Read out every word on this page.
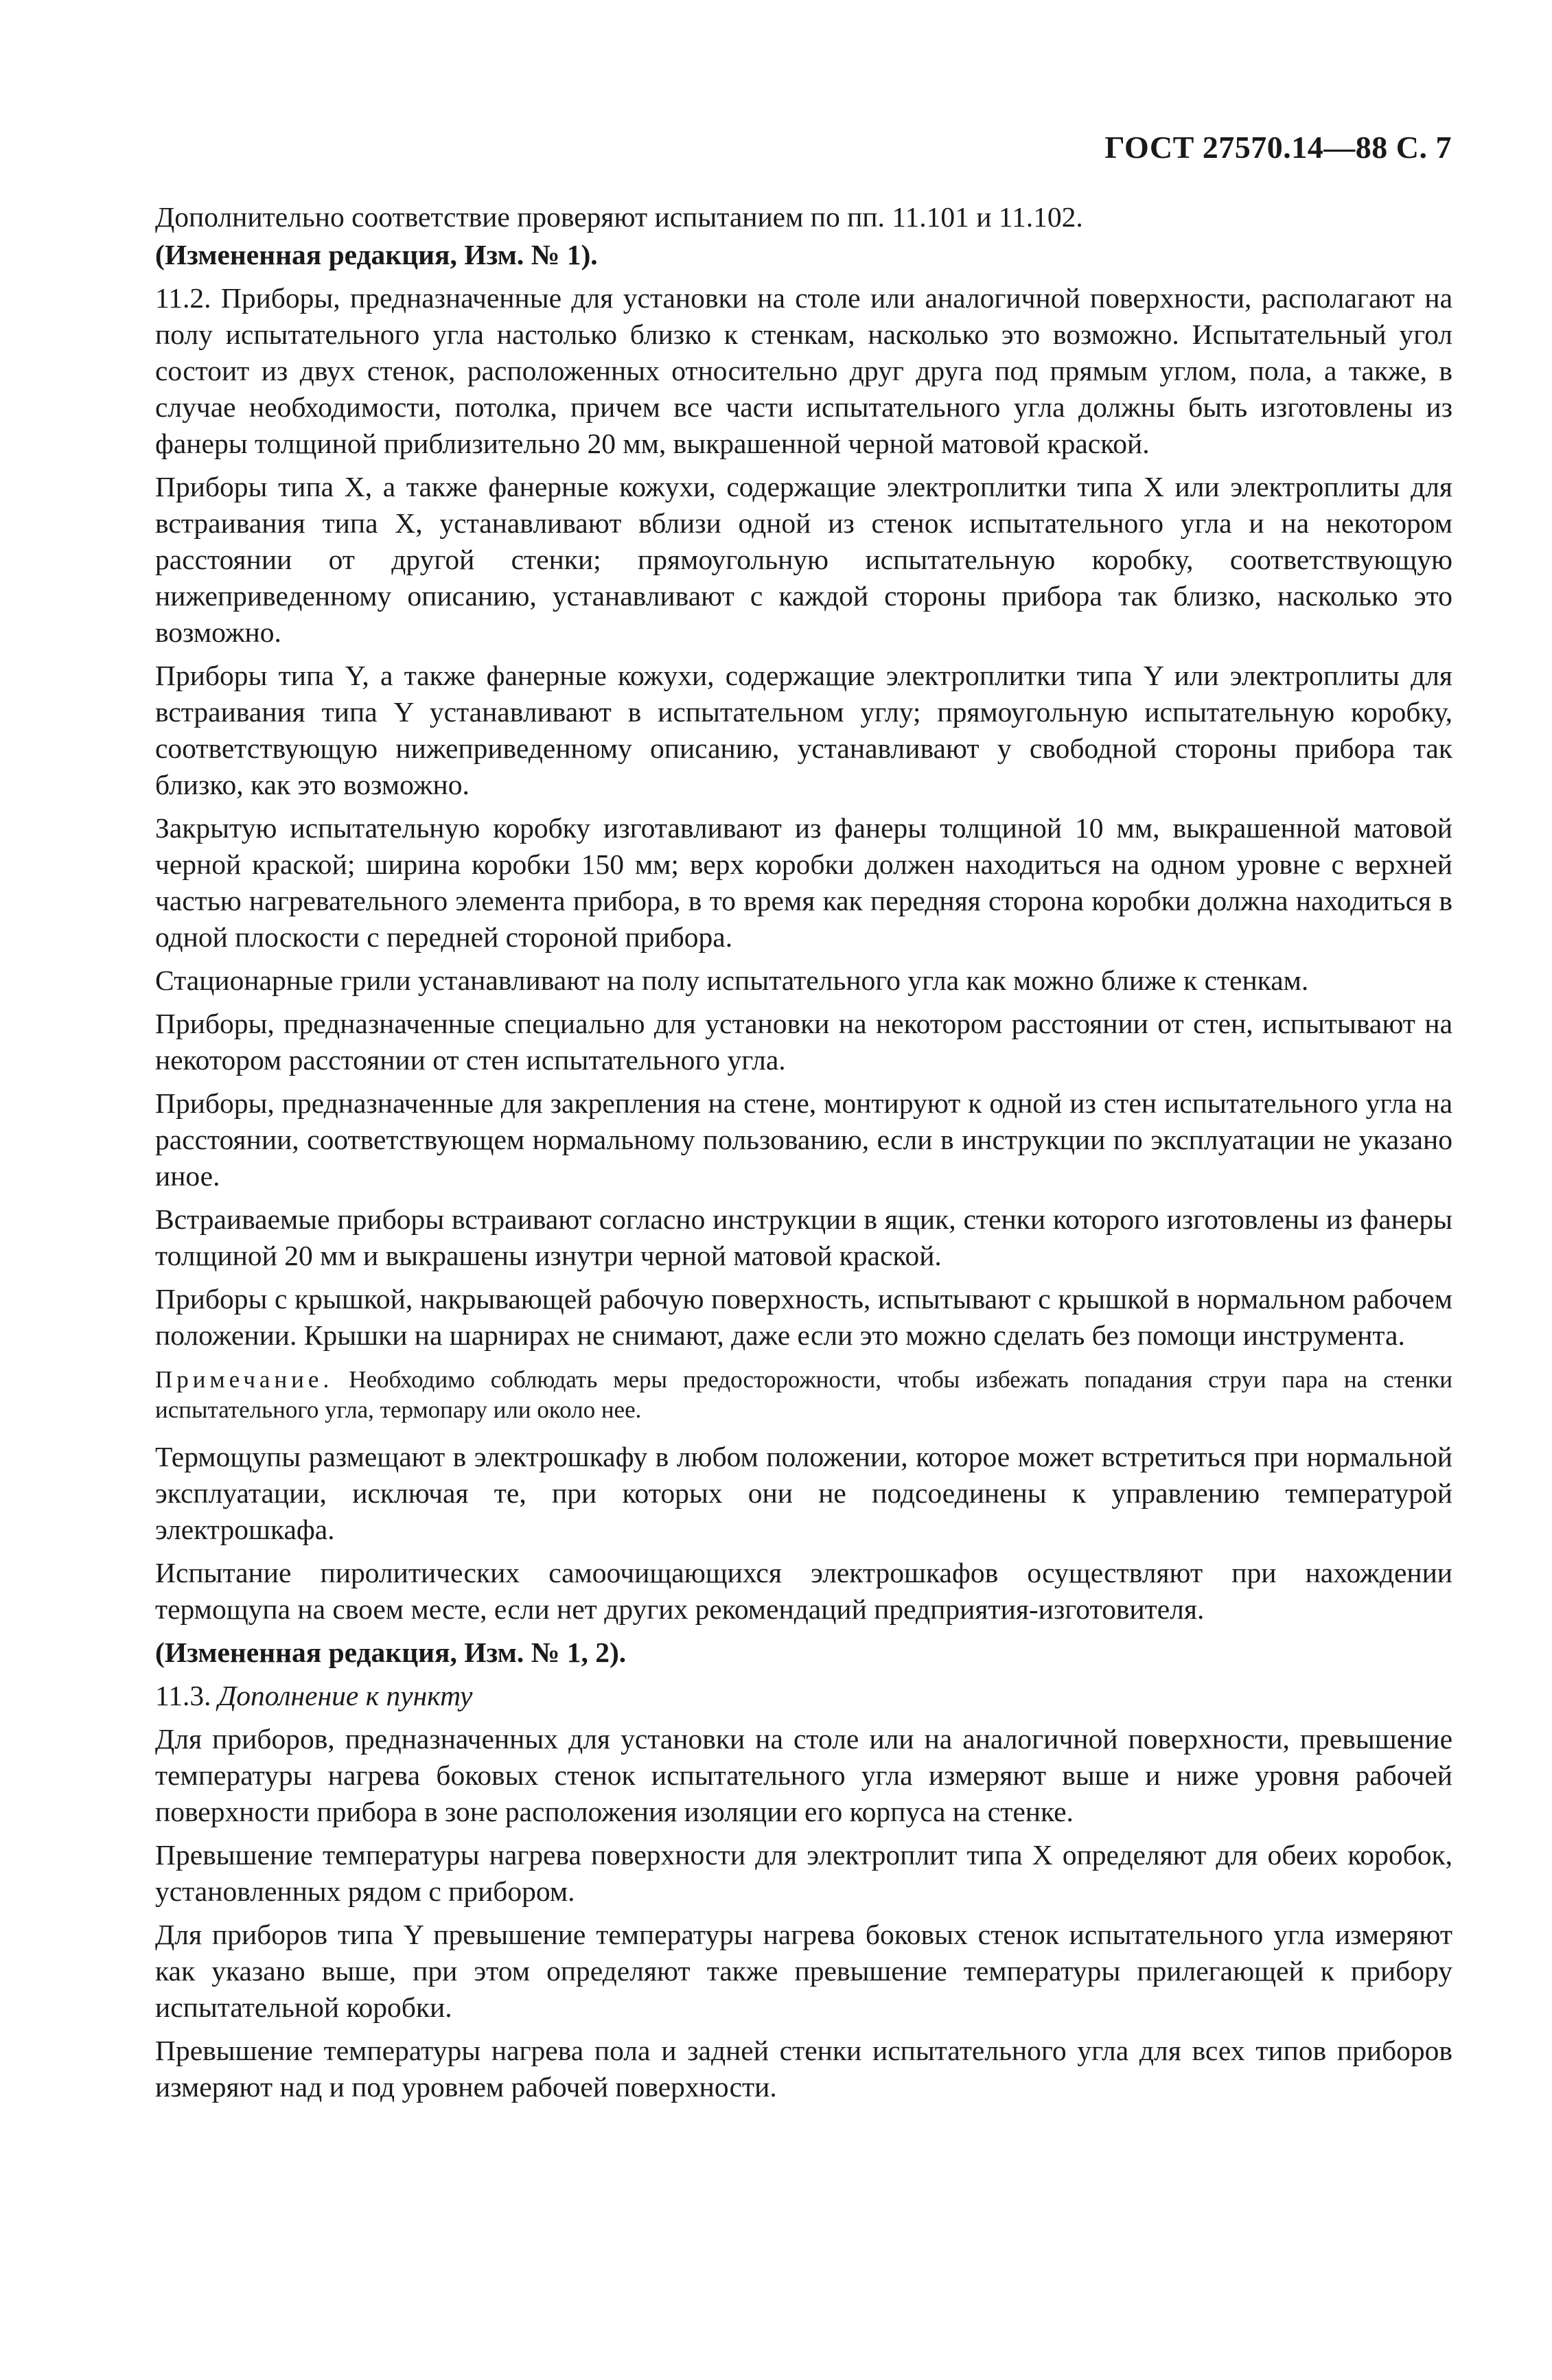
ГОСТ 27570.14—88 С. 7

Дополнительно соответствие проверяют испытанием по пп. 11.101 и 11.102.

(Измененная редакция, Изм. № 1).

11.2. Приборы, предназначенные для установки на столе или аналогичной поверхности, располагают на полу испытательного угла настолько близко к стенкам, насколько это возможно. Испытательный угол состоит из двух стенок, расположенных относительно друг друга под прямым углом, пола, а также, в случае необходимости, потолка, причем все части испытательного угла должны быть изготовлены из фанеры толщиной приблизительно 20 мм, выкрашенной черной матовой краской.

Приборы типа X, а также фанерные кожухи, содержащие электроплитки типа X или электроплиты для встраивания типа X, устанавливают вблизи одной из стенок испытательного угла и на некотором расстоянии от другой стенки; прямоугольную испытательную коробку, соответствующую нижеприведенному описанию, устанавливают с каждой стороны прибора так близко, насколько это возможно.

Приборы типа Y, а также фанерные кожухи, содержащие электроплитки типа Y или электроплиты для встраивания типа Y устанавливают в испытательном углу; прямоугольную испытательную коробку, соответствующую нижеприведенному описанию, устанавливают у свободной стороны прибора так близко, как это возможно.

Закрытую испытательную коробку изготавливают из фанеры толщиной 10 мм, выкрашенной матовой черной краской; ширина коробки 150 мм; верх коробки должен находиться на одном уровне с верхней частью нагревательного элемента прибора, в то время как передняя сторона коробки должна находиться в одной плоскости с передней стороной прибора.

Стационарные грили устанавливают на полу испытательного угла как можно ближе к стенкам.

Приборы, предназначенные специально для установки на некотором расстоянии от стен, испытывают на некотором расстоянии от стен испытательного угла.

Приборы, предназначенные для закрепления на стене, монтируют к одной из стен испытательного угла на расстоянии, соответствующем нормальному пользованию, если в инструкции по эксплуатации не указано иное.

Встраиваемые приборы встраивают согласно инструкции в ящик, стенки которого изготовлены из фанеры толщиной 20 мм и выкрашены изнутри черной матовой краской.

Приборы с крышкой, накрывающей рабочую поверхность, испытывают с крышкой в нормальном рабочем положении. Крышки на шарнирах не снимают, даже если это можно сделать без помощи инструмента.

Примечание. Необходимо соблюдать меры предосторожности, чтобы избежать попадания струи пара на стенки испытательного угла, термопару или около нее.

Термощупы размещают в электрошкафу в любом положении, которое может встретиться при нормальной эксплуатации, исключая те, при которых они не подсоединены к управлению температурой электрошкафа.

Испытание пиролитических самоочищающихся электрошкафов осуществляют при нахождении термощупа на своем месте, если нет других рекомендаций предприятия-изготовителя.

(Измененная редакция, Изм. № 1, 2).

11.3. Дополнение к пункту

Для приборов, предназначенных для установки на столе или на аналогичной поверхности, превышение температуры нагрева боковых стенок испытательного угла измеряют выше и ниже уровня рабочей поверхности прибора в зоне расположения изоляции его корпуса на стенке.

Превышение температуры нагрева поверхности для электроплит типа X определяют для обеих коробок, установленных рядом с прибором.

Для приборов типа Y превышение температуры нагрева боковых стенок испытательного угла измеряют как указано выше, при этом определяют также превышение температуры прилегающей к прибору испытательной коробки.

Превышение температуры нагрева пола и задней стенки испытательного угла для всех типов приборов измеряют над и под уровнем рабочей поверхности.
